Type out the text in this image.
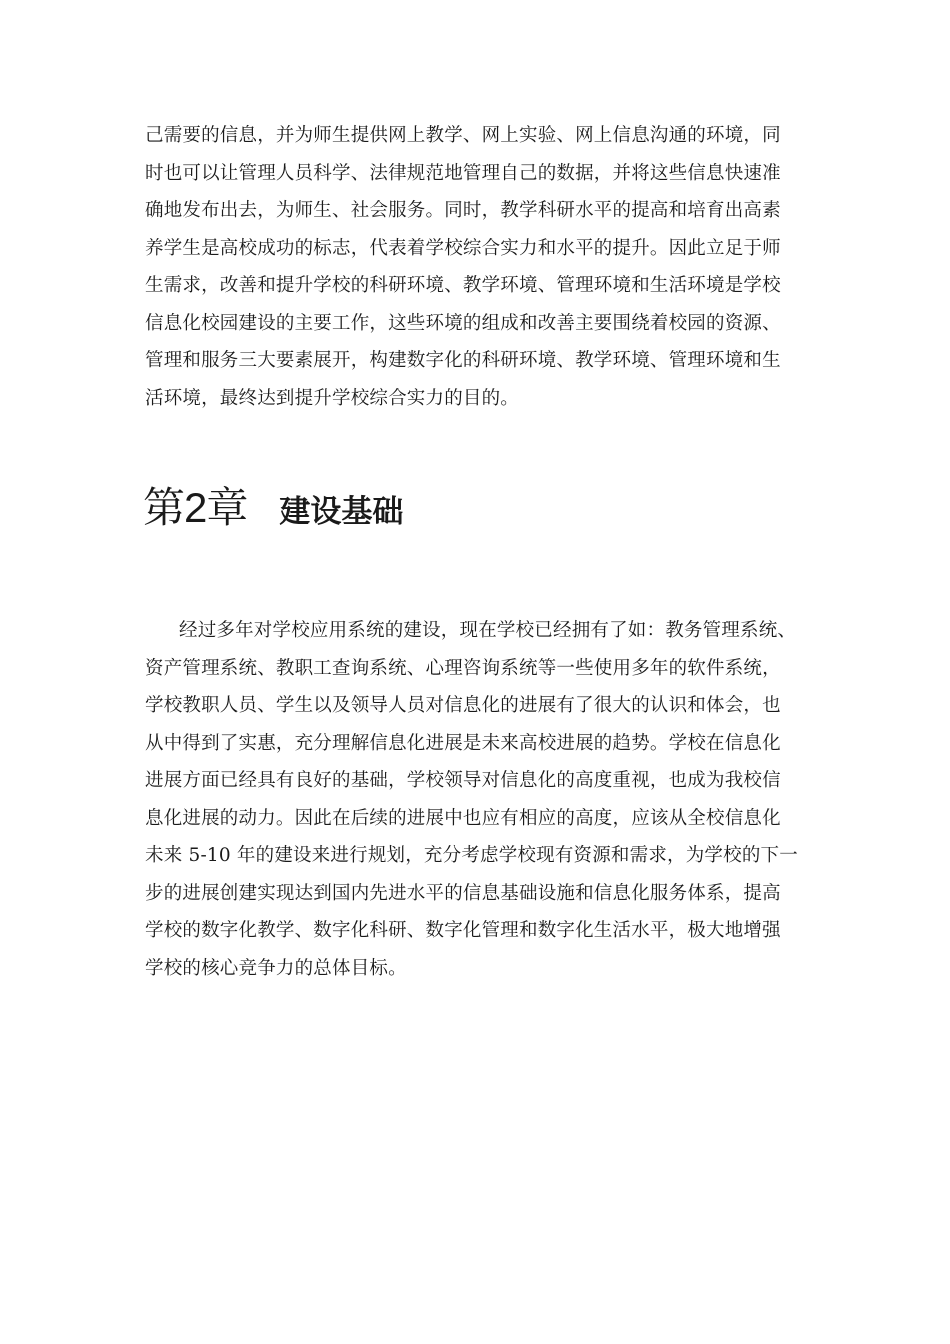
己需要的信息，并为师生提供网上教学、网上实验、网上信息沟通的环境，同
时也可以让管理人员科学、法律规范地管理自己的数据，并将这些信息快速准
确地发布出去，为师生、社会服务。同时，教学科研水平的提高和培育出高素
养学生是高校成功的标志，代表着学校综合实力和水平的提升。因此立足于师
生需求，改善和提升学校的科研环境、教学环境、管理环境和生活环境是学校
信息化校园建设的主要工作，这些环境的组成和改善主要围绕着校园的资源、
管理和服务三大要素展开，构建数字化的科研环境、教学环境、管理环境和生
活环境，最终达到提升学校综合实力的目的。
第2章 建设基础
经过多年对学校应用系统的建设，现在学校已经拥有了如：教务管理系统、
资产管理系统、教职工查询系统、心理咨询系统等一些使用多年的软件系统，
学校教职人员、学生以及领导人员对信息化的进展有了很大的认识和体会，也
从中得到了实惠，充分理解信息化进展是未来高校进展的趋势。学校在信息化
进展方面已经具有良好的基础，学校领导对信息化的高度重视，也成为我校信
息化进展的动力。因此在后续的进展中也应有相应的高度，应该从全校信息化
未来 5-10 年的建设来进行规划，充分考虑学校现有资源和需求，为学校的下一
步的进展创建实现达到国内先进水平的信息基础设施和信息化服务体系，提高
学校的数字化教学、数字化科研、数字化管理和数字化生活水平，极大地增强
学校的核心竞争力的总体目标。
